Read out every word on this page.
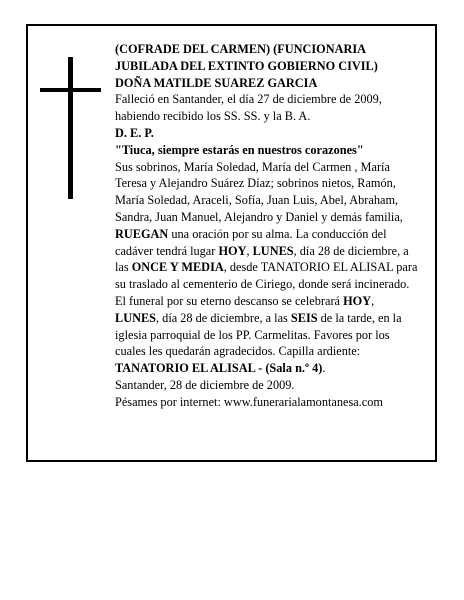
(COFRADE DEL CARMEN) (FUNCIONARIA JUBILADA DEL EXTINTO GOBIERNO CIVIL)

DOÑA MATILDE SUAREZ GARCIA

Falleció en Santander, el día 27 de diciembre de 2009, habiendo recibido los SS. SS. y la B. A.

D. E. P.

"Tiuca, siempre estarás en nuestros corazones"

Sus sobrinos, María Soledad, María del Carmen , María Teresa y Alejandro Suárez Díaz; sobrinos nietos, Ramón, María Soledad, Araceli, Sofía, Juan Luis, Abel, Abraham, Sandra, Juan Manuel, Alejandro y Daniel y demás familia,

RUEGAN una oración por su alma. La conducción del cadáver tendrá lugar HOY, LUNES, día 28 de diciembre, a las ONCE Y MEDIA, desde TANATORIO EL ALISAL para su traslado al cementerio de Ciriego, donde será incinerado. El funeral por su eterno descanso se celebrará HOY, LUNES, día 28 de diciembre, a las SEIS de la tarde, en la iglesia parroquial de los PP. Carmelitas. Favores por los cuales les quedarán agradecidos. Capilla ardiente: TANATORIO EL ALISAL - (Sala n.º 4).

Santander, 28 de diciembre de 2009.

Pésames por internet: www.funerarialamontanesa.com
